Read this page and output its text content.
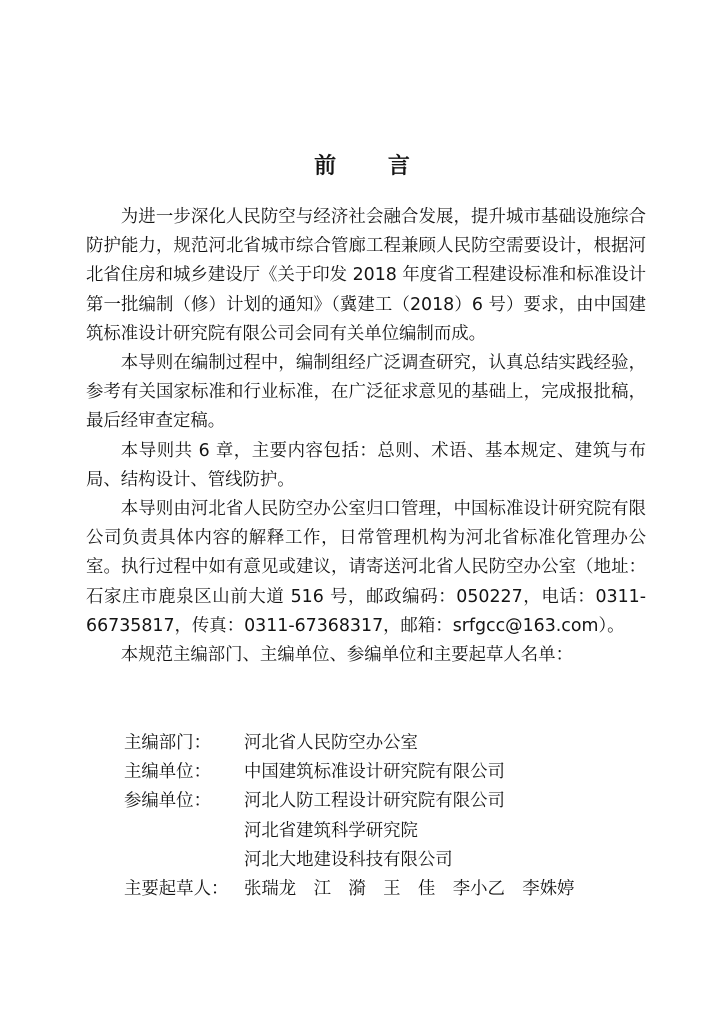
前 言

为进一步深化人民防空与经济社会融合发展，提升城市基础设施综合防护能力，规范河北省城市综合管廊工程兼顾人民防空需要设计，根据河北省住房和城乡建设厅《关于印发 2018 年度省工程建设标准和标准设计第一批编制（修）计划的通知》（冀建工（2018）6 号）要求，由中国建筑标准设计研究院有限公司会同有关单位编制而成。

本导则在编制过程中，编制组经广泛调查研究，认真总结实践经验，参考有关国家标准和行业标准，在广泛征求意见的基础上，完成报批稿，最后经审查定稿。

本导则共 6 章，主要内容包括：总则、术语、基本规定、建筑与布局、结构设计、管线防护。

本导则由河北省人民防空办公室归口管理，中国标准设计研究院有限公司负责具体内容的解释工作，日常管理机构为河北省标准化管理办公室。执行过程中如有意见或建议，请寄送河北省人民防空办公室（地址：石家庄市鹿泉区山前大道 516 号，邮政编码：050227，电话：0311-66735817，传真：0311-67368317，邮箱：srfgcc@163.com）。

本规范主编部门、主编单位、参编单位和主要起草人名单：

主编部门：	河北省人民防空办公室
主编单位：	中国建筑标准设计研究院有限公司
参编单位：	河北人防工程设计研究院有限公司
河北省建筑科学研究院
河北大地建设科技有限公司
主要起草人： 张瑞龙　江　漪　王　佳　李小乙　李姝婷
